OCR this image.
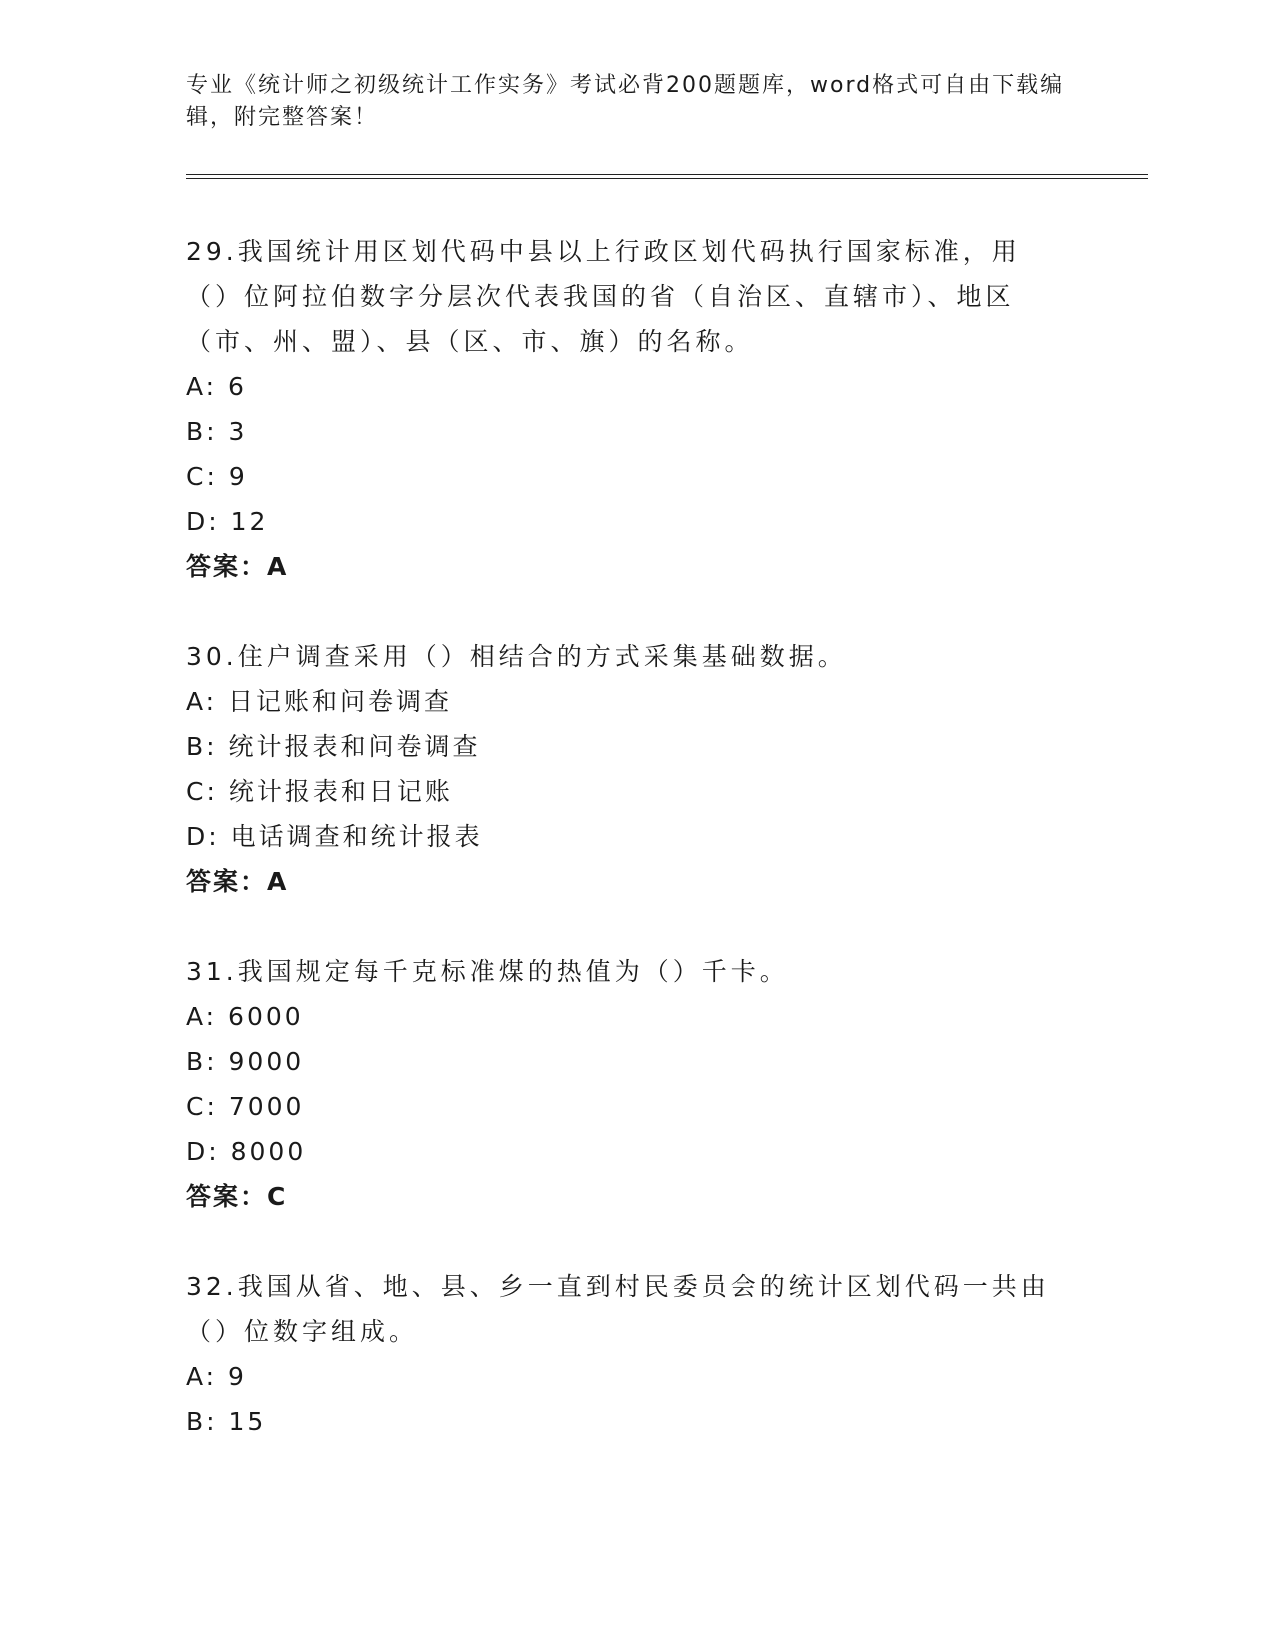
专业《统计师之初级统计工作实务》考试必背200题题库，word格式可自由下载编辑，附完整答案！

29.我国统计用区划代码中县以上行政区划代码执行国家标准，用（）位阿拉伯数字分层次代表我国的省（自治区、直辖市）、地区（市、州、盟）、县（区、市、旗）的名称。

A: 6

B: 3

C: 9

D: 12

答案：A

30.住户调查采用（）相结合的方式采集基础数据。

A: 日记账和问卷调查

B: 统计报表和问卷调查

C: 统计报表和日记账

D: 电话调查和统计报表

答案：A

31.我国规定每千克标准煤的热值为（）千卡。

A: 6000

B: 9000

C: 7000

D: 8000

答案：C

32.我国从省、地、县、乡一直到村民委员会的统计区划代码一共由（）位数字组成。

A: 9

B: 15
